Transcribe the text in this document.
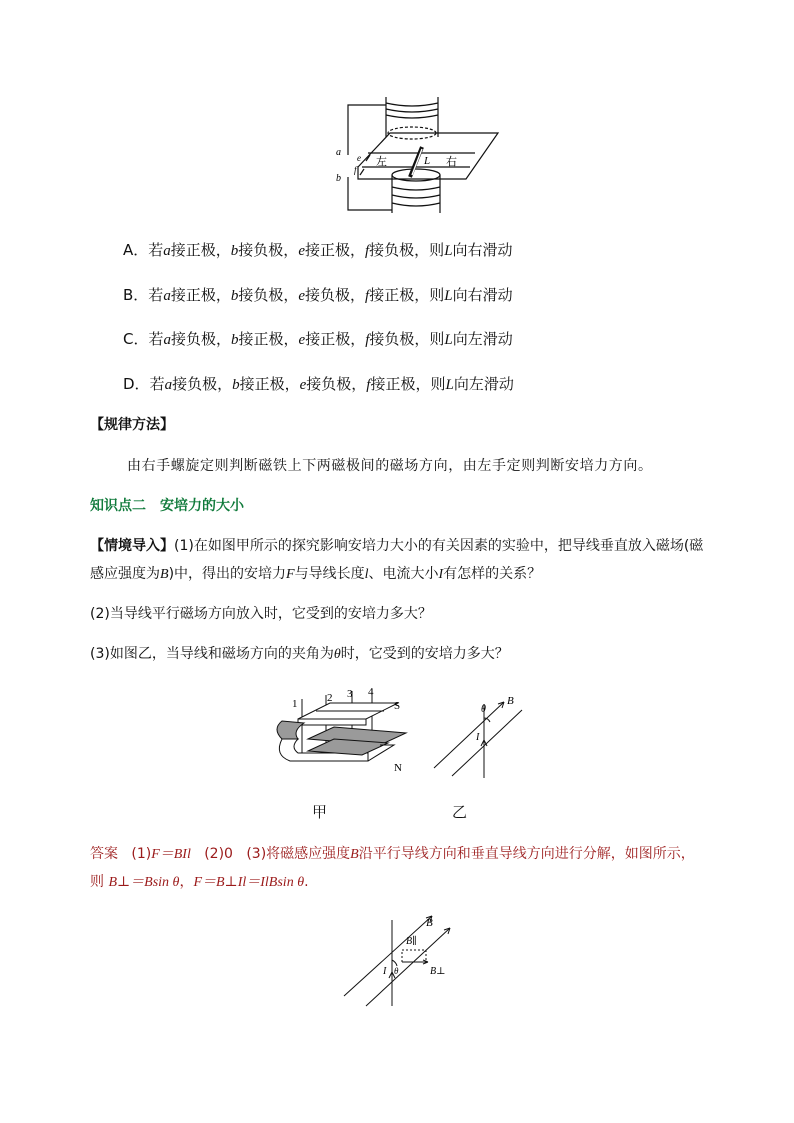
a
b
e
f
左	L 右
A．若a接正极，b接负极，e接正极，f接负极，则L向右滑动
B．若a接正极，b接负极，e接负极，f接正极，则L向右滑动
C．若a接负极，b接正极，e接正极，f接负极，则L向左滑动
D．若a接负极，b接正极，e接负极，f接正极，则L向左滑动
【规律方法】
由右手螺旋定则判断磁铁上下两磁极间的磁场方向，由左手定则判断安培力方向。
知识点二　安培力的大小
【情境导入】(1)在如图甲所示的探究影响安培力大小的有关因素的实验中，把导线垂直放入磁场(磁
感应强度为B)中，得出的安培力F与导线长度l、电流大小I有怎样的关系？
(2)当导线平行磁场方向放入时，它受到的安培力多大？
(3)如图乙，当导线和磁场方向的夹角为θ时，它受到的安培力多大？
1	2 3 4
S
N
甲
B
θ
I
乙
答案 (1)F＝BIl (2)0 (3)将磁感应强度B沿平行导线方向和垂直导线方向进行分解，如图所示，
则 B⊥＝Bsin θ，F＝B⊥Il＝IlBsin θ.
B
B∥
B⊥
I θ
